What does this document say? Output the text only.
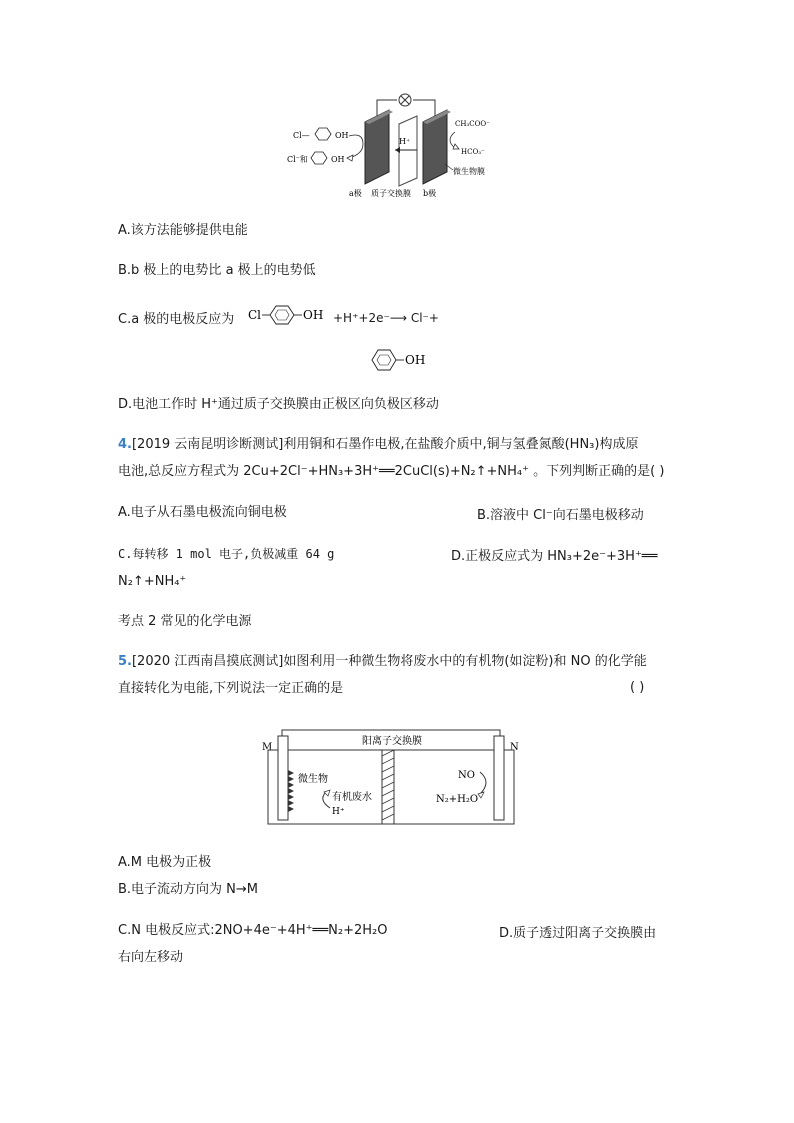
H⁺
Cl—	OH
Cl⁻和	OH
CH₃COO⁻
HCO₃⁻
微生物膜
a极 质子交换膜 b极
A.该方法能够提供电能
B.b 极上的电势比 a 极上的电势低
C.a 极的电极反应为 Cl	OH +H⁺+2e⁻⟶ Cl⁻+
OH
D.电池工作时 H⁺通过质子交换膜由正极区向负极区移动
4.[2019 云南昆明诊断测试]利用铜和石墨作电极,在盐酸介质中,铜与氢叠氮酸(HN₃)构成原
电池,总反应方程式为 2Cu+2Cl⁻+HN₃+3H⁺══2CuCl(s)+N₂↑+NH₄⁺ 。下列判断正确的是( )
A.电子从石墨电极流向铜电极	B.溶液中 Cl⁻向石墨电极移动
C.每转移 1 mol 电子,负极减重 64 g	D.正极反应式为 HN₃+2e⁻+3H⁺══
N₂↑+NH₄⁺
考点 2 常见的化学电源
5.[2020 江西南昌摸底测试]如图利用一种微生物将废水中的有机物(如淀粉)和 NO 的化学能
直接转化为电能,下列说法一定正确的是	( )
M	N
阳离子交换膜
微生物
有机废水
H⁺
NO
N₂+H₂O
A.M 电极为正极
B.电子流动方向为 N→M
C.N 电极反应式:2NO+4e⁻+4H⁺══N₂+2H₂O	D.质子透过阳离子交换膜由
右向左移动
